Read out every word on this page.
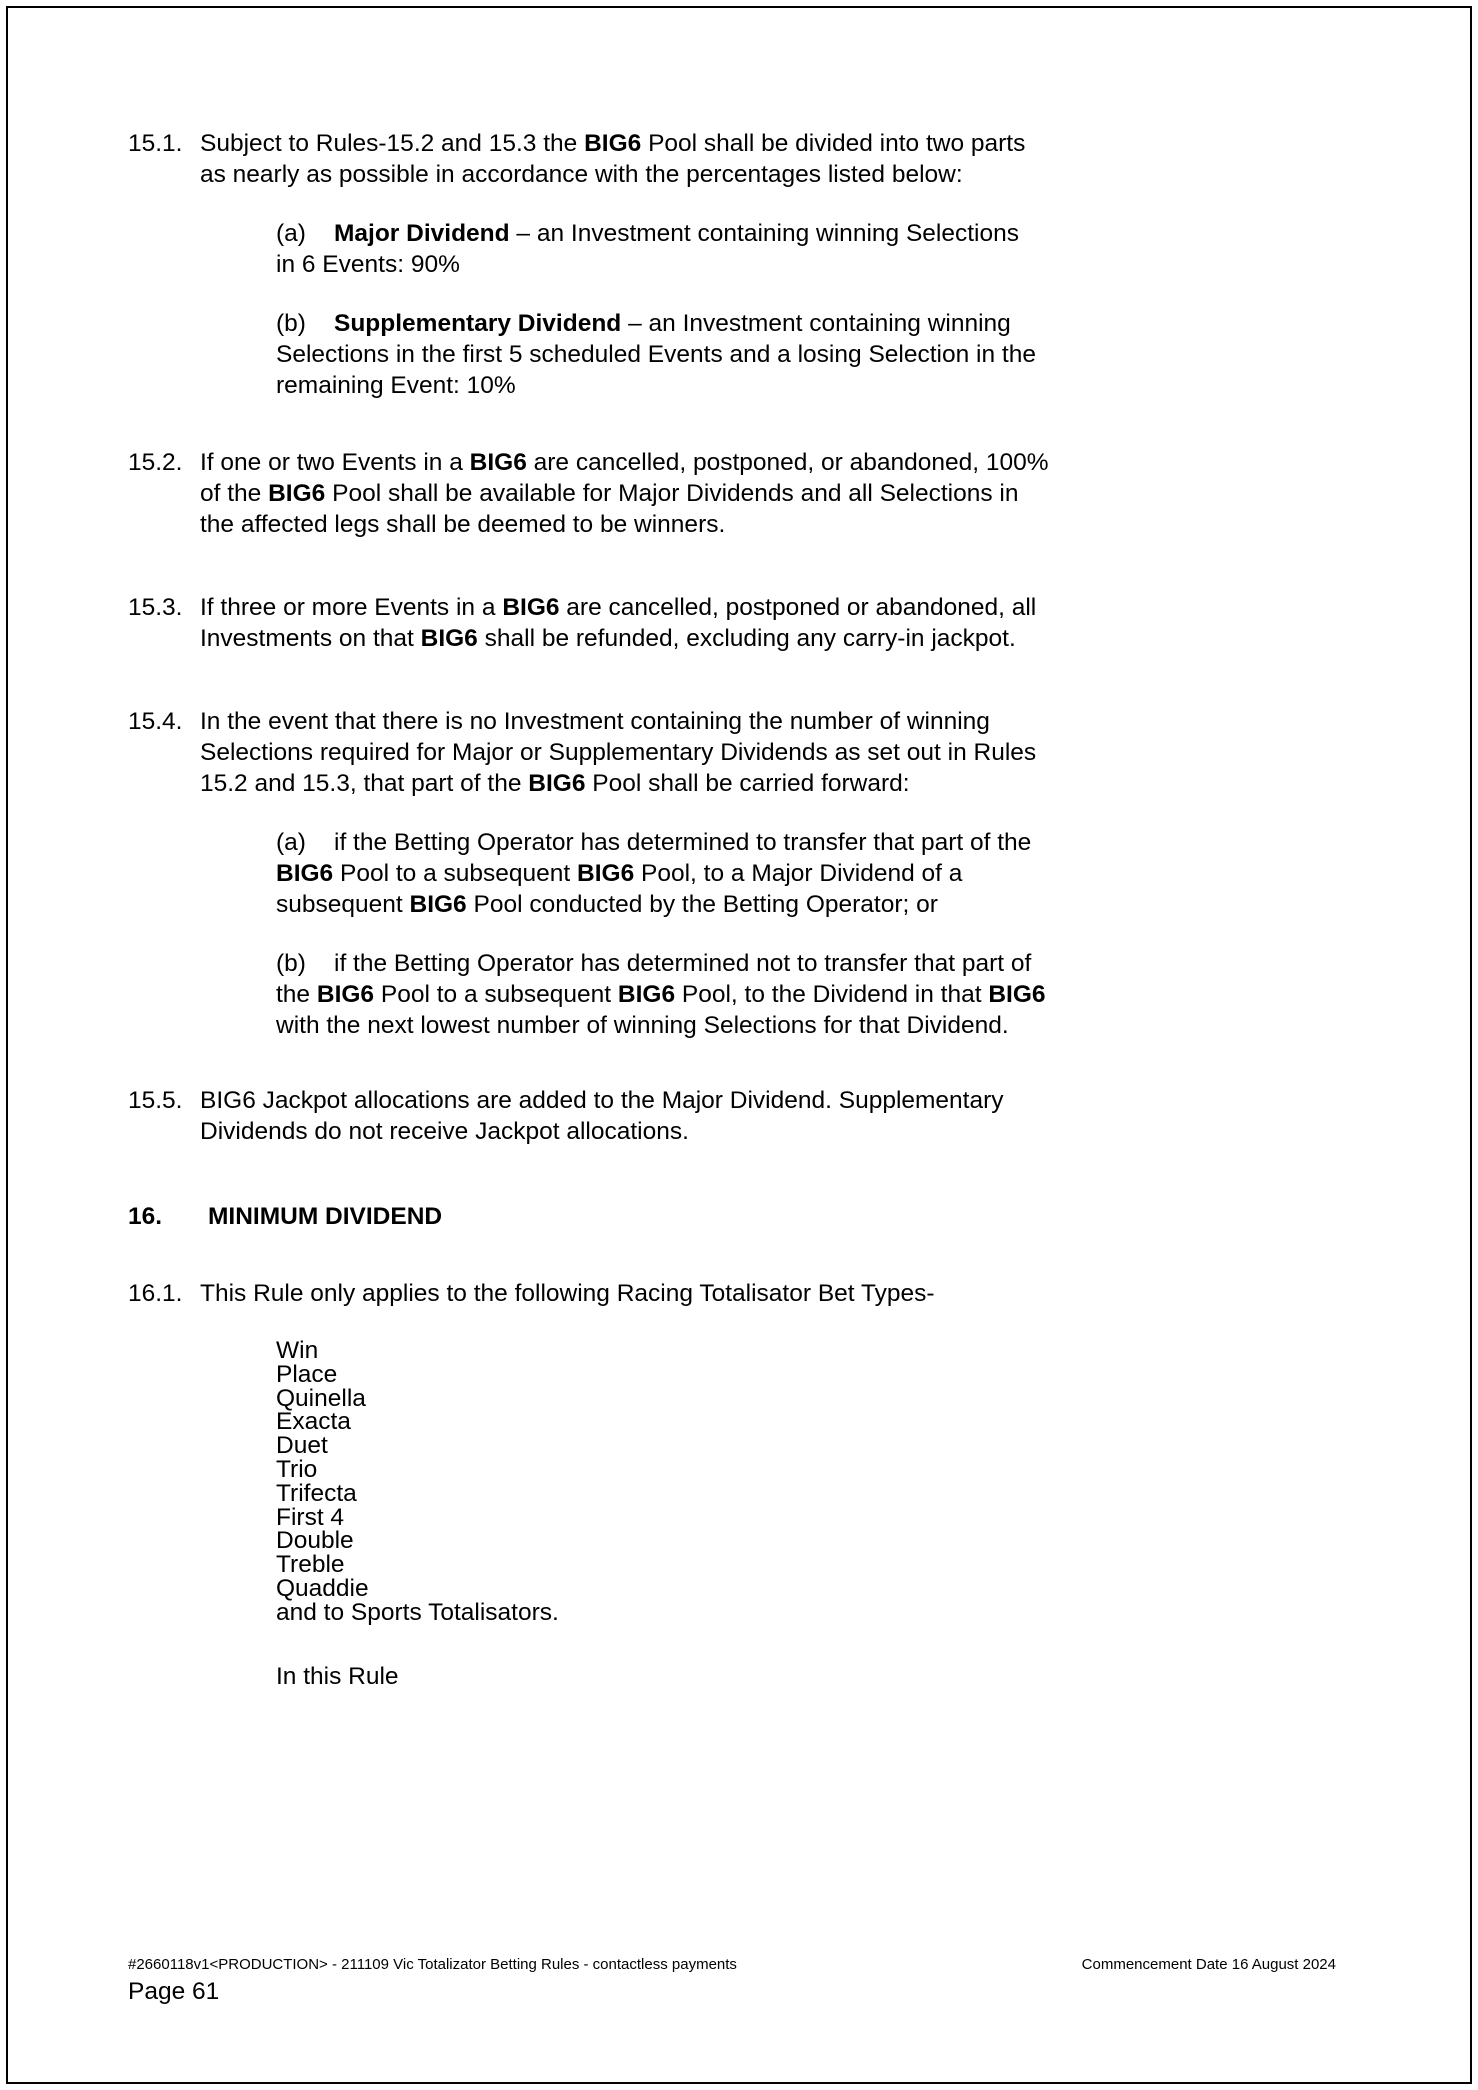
15.1. Subject to Rules-15.2 and 15.3 the BIG6 Pool shall be divided into two parts as nearly as possible in accordance with the percentages listed below:

(a) Major Dividend – an Investment containing winning Selections in 6 Events: 90%
(b) Supplementary Dividend – an Investment containing winning Selections in the first 5 scheduled Events and a losing Selection in the remaining Event: 10%
15.2. If one or two Events in a BIG6 are cancelled, postponed, or abandoned, 100% of the BIG6 Pool shall be available for Major Dividends and all Selections in the affected legs shall be deemed to be winners.

15.3. If three or more Events in a BIG6 are cancelled, postponed or abandoned, all Investments on that BIG6 shall be refunded, excluding any carry-in jackpot.

15.4. In the event that there is no Investment containing the number of winning Selections required for Major or Supplementary Dividends as set out in Rules 15.2 and 15.3, that part of the BIG6 Pool shall be carried forward:

(a) if the Betting Operator has determined to transfer that part of the BIG6 Pool to a subsequent BIG6 Pool, to a Major Dividend of a subsequent BIG6 Pool conducted by the Betting Operator; or
(b) if the Betting Operator has determined not to transfer that part of the BIG6 Pool to a subsequent BIG6 Pool, to the Dividend in that BIG6 with the next lowest number of winning Selections for that Dividend.
15.5. BIG6 Jackpot allocations are added to the Major Dividend. Supplementary Dividends do not receive Jackpot allocations.

16.	MINIMUM DIVIDEND
16.1. This Rule only applies to the following Racing Totalisator Bet Types-

Win
Place
Quinella
Exacta
Duet
Trio
Trifecta
First 4
Double
Treble
Quaddie
and to Sports Totalisators.
In this Rule
#2660118v1<PRODUCTION> - 211109 Vic Totalizator Betting Rules - contactless payments	Commencement Date 16 August 2024
Page 61
